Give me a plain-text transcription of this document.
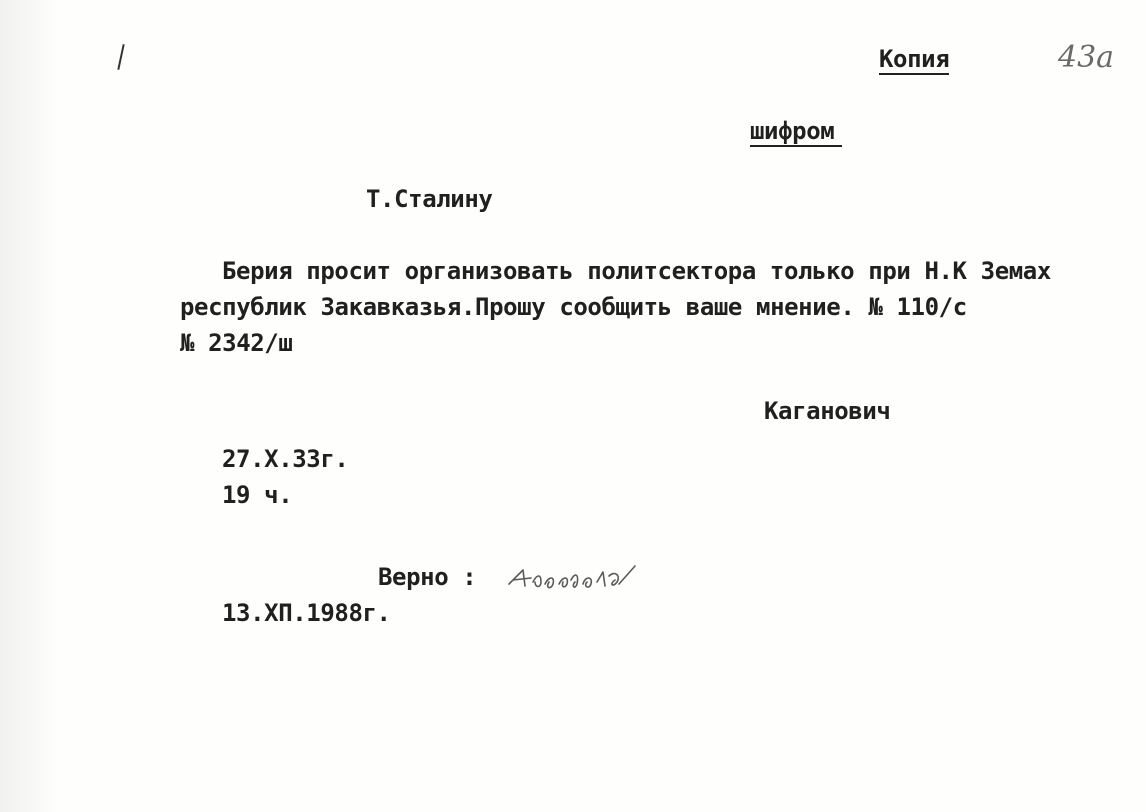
Копия	43а
шифром
Т.Сталину
Берия просит организовать политсектора только при Н.К Земах
республик Закавказья.Прошу сообщить ваше мнение. № 110/с
№ 2342/ш
Каганович
27.Х.33г.
19 ч.
Верно :
13.ХП.1988г.
